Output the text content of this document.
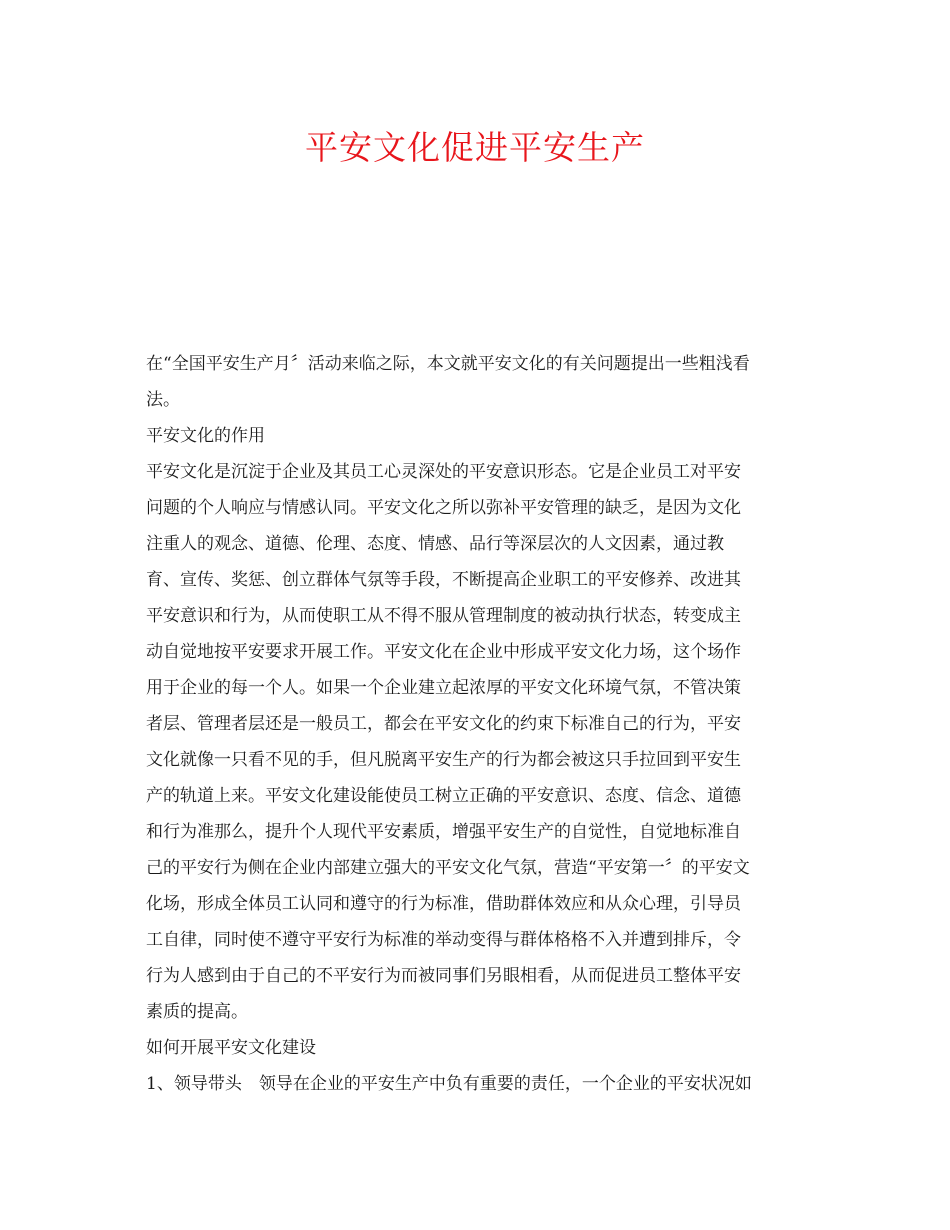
平安文化促进平安生产
在“全国平安生产月〞活动来临之际，本文就平安文化的有关问题提出一些粗浅看
法。
平安文化的作用
平安文化是沉淀于企业及其员工心灵深处的平安意识形态。它是企业员工对平安
问题的个人响应与情感认同。平安文化之所以弥补平安管理的缺乏，是因为文化
注重人的观念、道德、伦理、态度、情感、品行等深层次的人文因素，通过教
育、宣传、奖惩、创立群体气氛等手段，不断提高企业职工的平安修养、改进其
平安意识和行为，从而使职工从不得不服从管理制度的被动执行状态，转变成主
动自觉地按平安要求开展工作。平安文化在企业中形成平安文化力场，这个场作
用于企业的每一个人。如果一个企业建立起浓厚的平安文化环境气氛，不管决策
者层、管理者层还是一般员工，都会在平安文化的约束下标准自己的行为，平安
文化就像一只看不见的手，但凡脱离平安生产的行为都会被这只手拉回到平安生
产的轨道上来。平安文化建设能使员工树立正确的平安意识、态度、信念、道德
和行为准那么，提升个人现代平安素质，增强平安生产的自觉性，自觉地标准自
己的平安行为侧在企业内部建立强大的平安文化气氛，营造“平安第一〞的平安文
化场，形成全体员工认同和遵守的行为标准，借助群体效应和从众心理，引导员
工自律，同时使不遵守平安行为标准的举动变得与群体格格不入并遭到排斥，令
行为人感到由于自己的不平安行为而被同事们另眼相看，从而促进员工整体平安
素质的提高。
如何开展平安文化建设
1、领导带头　领导在企业的平安生产中负有重要的责任，一个企业的平安状况如
